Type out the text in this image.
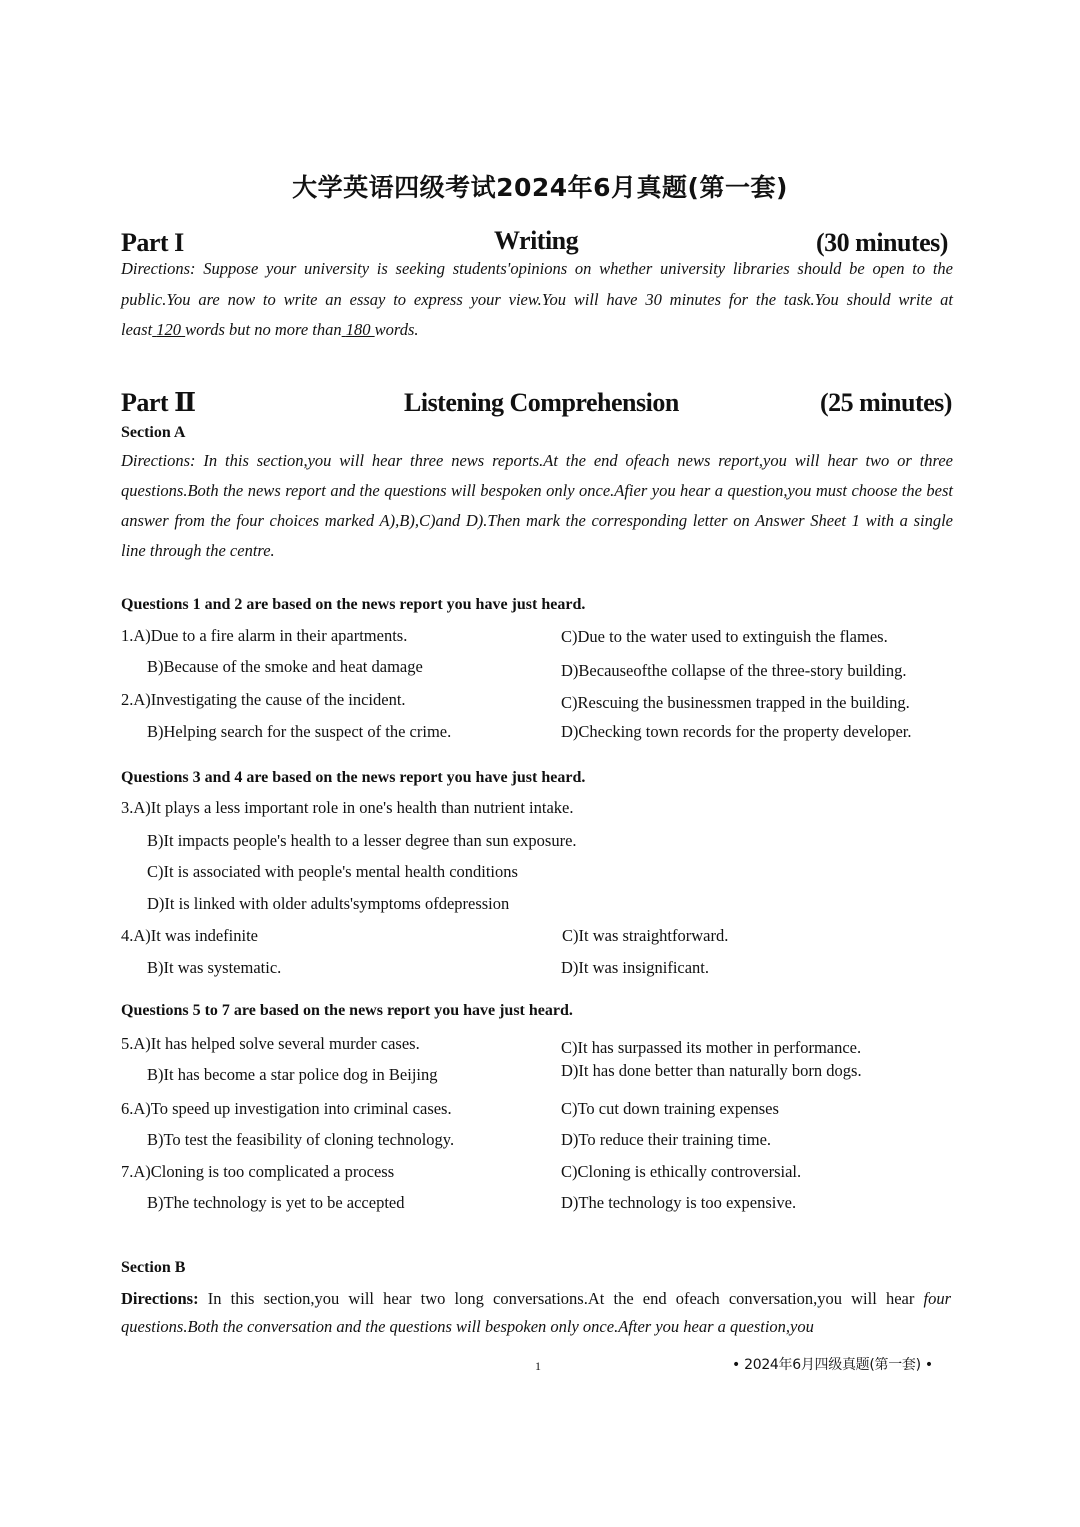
大学英语四级考试2024年6月真题(第一套)
Part I	Writing	(30 minutes)
Directions: Suppose your university is seeking students'opinions on whether university libraries should be open to the public.You are now to write an essay to express your view.You will have 30 minutes for the task.You should write at least 120 words but no more than 180 words.
Part Ⅱ	Listening Comprehension	(25 minutes)
Section A
Directions: In this section,you will hear three news reports.At the end ofeach news report,you will hear two or three questions.Both the news report and the questions will bespoken only once.Afier you hear a question,you must choose the best answer from the four choices marked A),B),C)and D).Then mark the corresponding letter on Answer Sheet 1 with a single line through the centre.
Questions 1 and 2 are based on the news report you have just heard.
1.A)Due to a fire alarm in their apartments.	C)Due to the water used to extinguish the flames.
B)Because of the smoke and heat damage	D)Becauseofthe collapse of the three-story building.
2.A)Investigating the cause of the incident.	C)Rescuing the businessmen trapped in the building.
B)Helping search for the suspect of the crime.	D)Checking town records for the property developer.
Questions 3 and 4 are based on the news report you have just heard.
3.A)It plays a less important role in one's health than nutrient intake.
B)It impacts people's health to a lesser degree than sun exposure.
C)It is associated with people's mental health conditions
D)It is linked with older adults'symptoms ofdepression
4.A)It was indefinite	C)It was straightforward.
B)It was systematic.	D)It was insignificant.
Questions 5 to 7 are based on the news report you have just heard.
5.A)It has helped solve several murder cases.	C)It has surpassed its mother in performance.
B)It has become a star police dog in Beijing	D)It has done better than naturally born dogs.
6.A)To speed up investigation into criminal cases.	C)To cut down training expenses
B)To test the feasibility of cloning technology.	D)To reduce their training time.
7.A)Cloning is too complicated a process	C)Cloning is ethically controversial.
B)The technology is yet to be accepted	D)The technology is too expensive.
Section B
Directions: In this section,you will hear two long conversations.At the end ofeach conversation,you will hear four questions.Both the conversation and the questions will bespoken only once.After you hear a question,you
1	• 2024年6月四级真题(第一套) •
